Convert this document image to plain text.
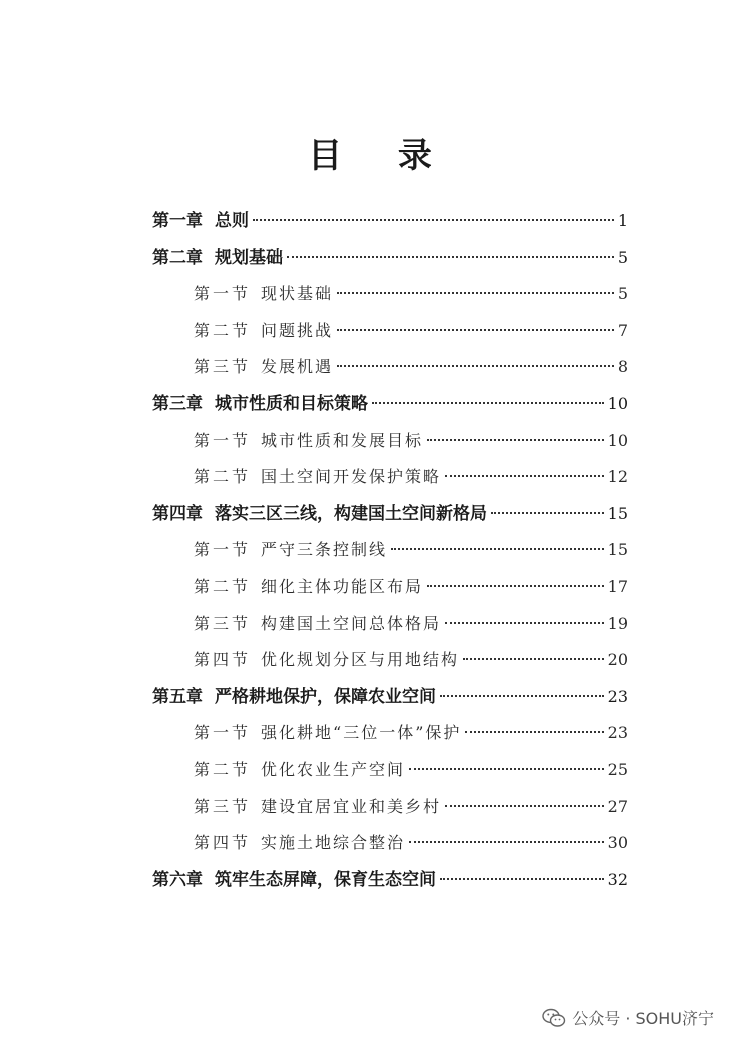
目 录
第一章 总则	1
第二章 规划基础	5
第一节 现状基础	5
第二节 问题挑战	7
第三节 发展机遇	8
第三章 城市性质和目标策略	10
第一节 城市性质和发展目标	10
第二节 国土空间开发保护策略	12
第四章 落实三区三线，构建国土空间新格局	15
第一节 严守三条控制线	15
第二节 细化主体功能区布局	17
第三节 构建国土空间总体格局	19
第四节 优化规划分区与用地结构	20
第五章 严格耕地保护，保障农业空间	23
第一节 强化耕地“三位一体”保护	23
第二节 优化农业生产空间	25
第三节 建设宜居宜业和美乡村	27
第四节 实施土地综合整治	30
第六章 筑牢生态屏障，保育生态空间	32
公众号 · SOHU济宁
